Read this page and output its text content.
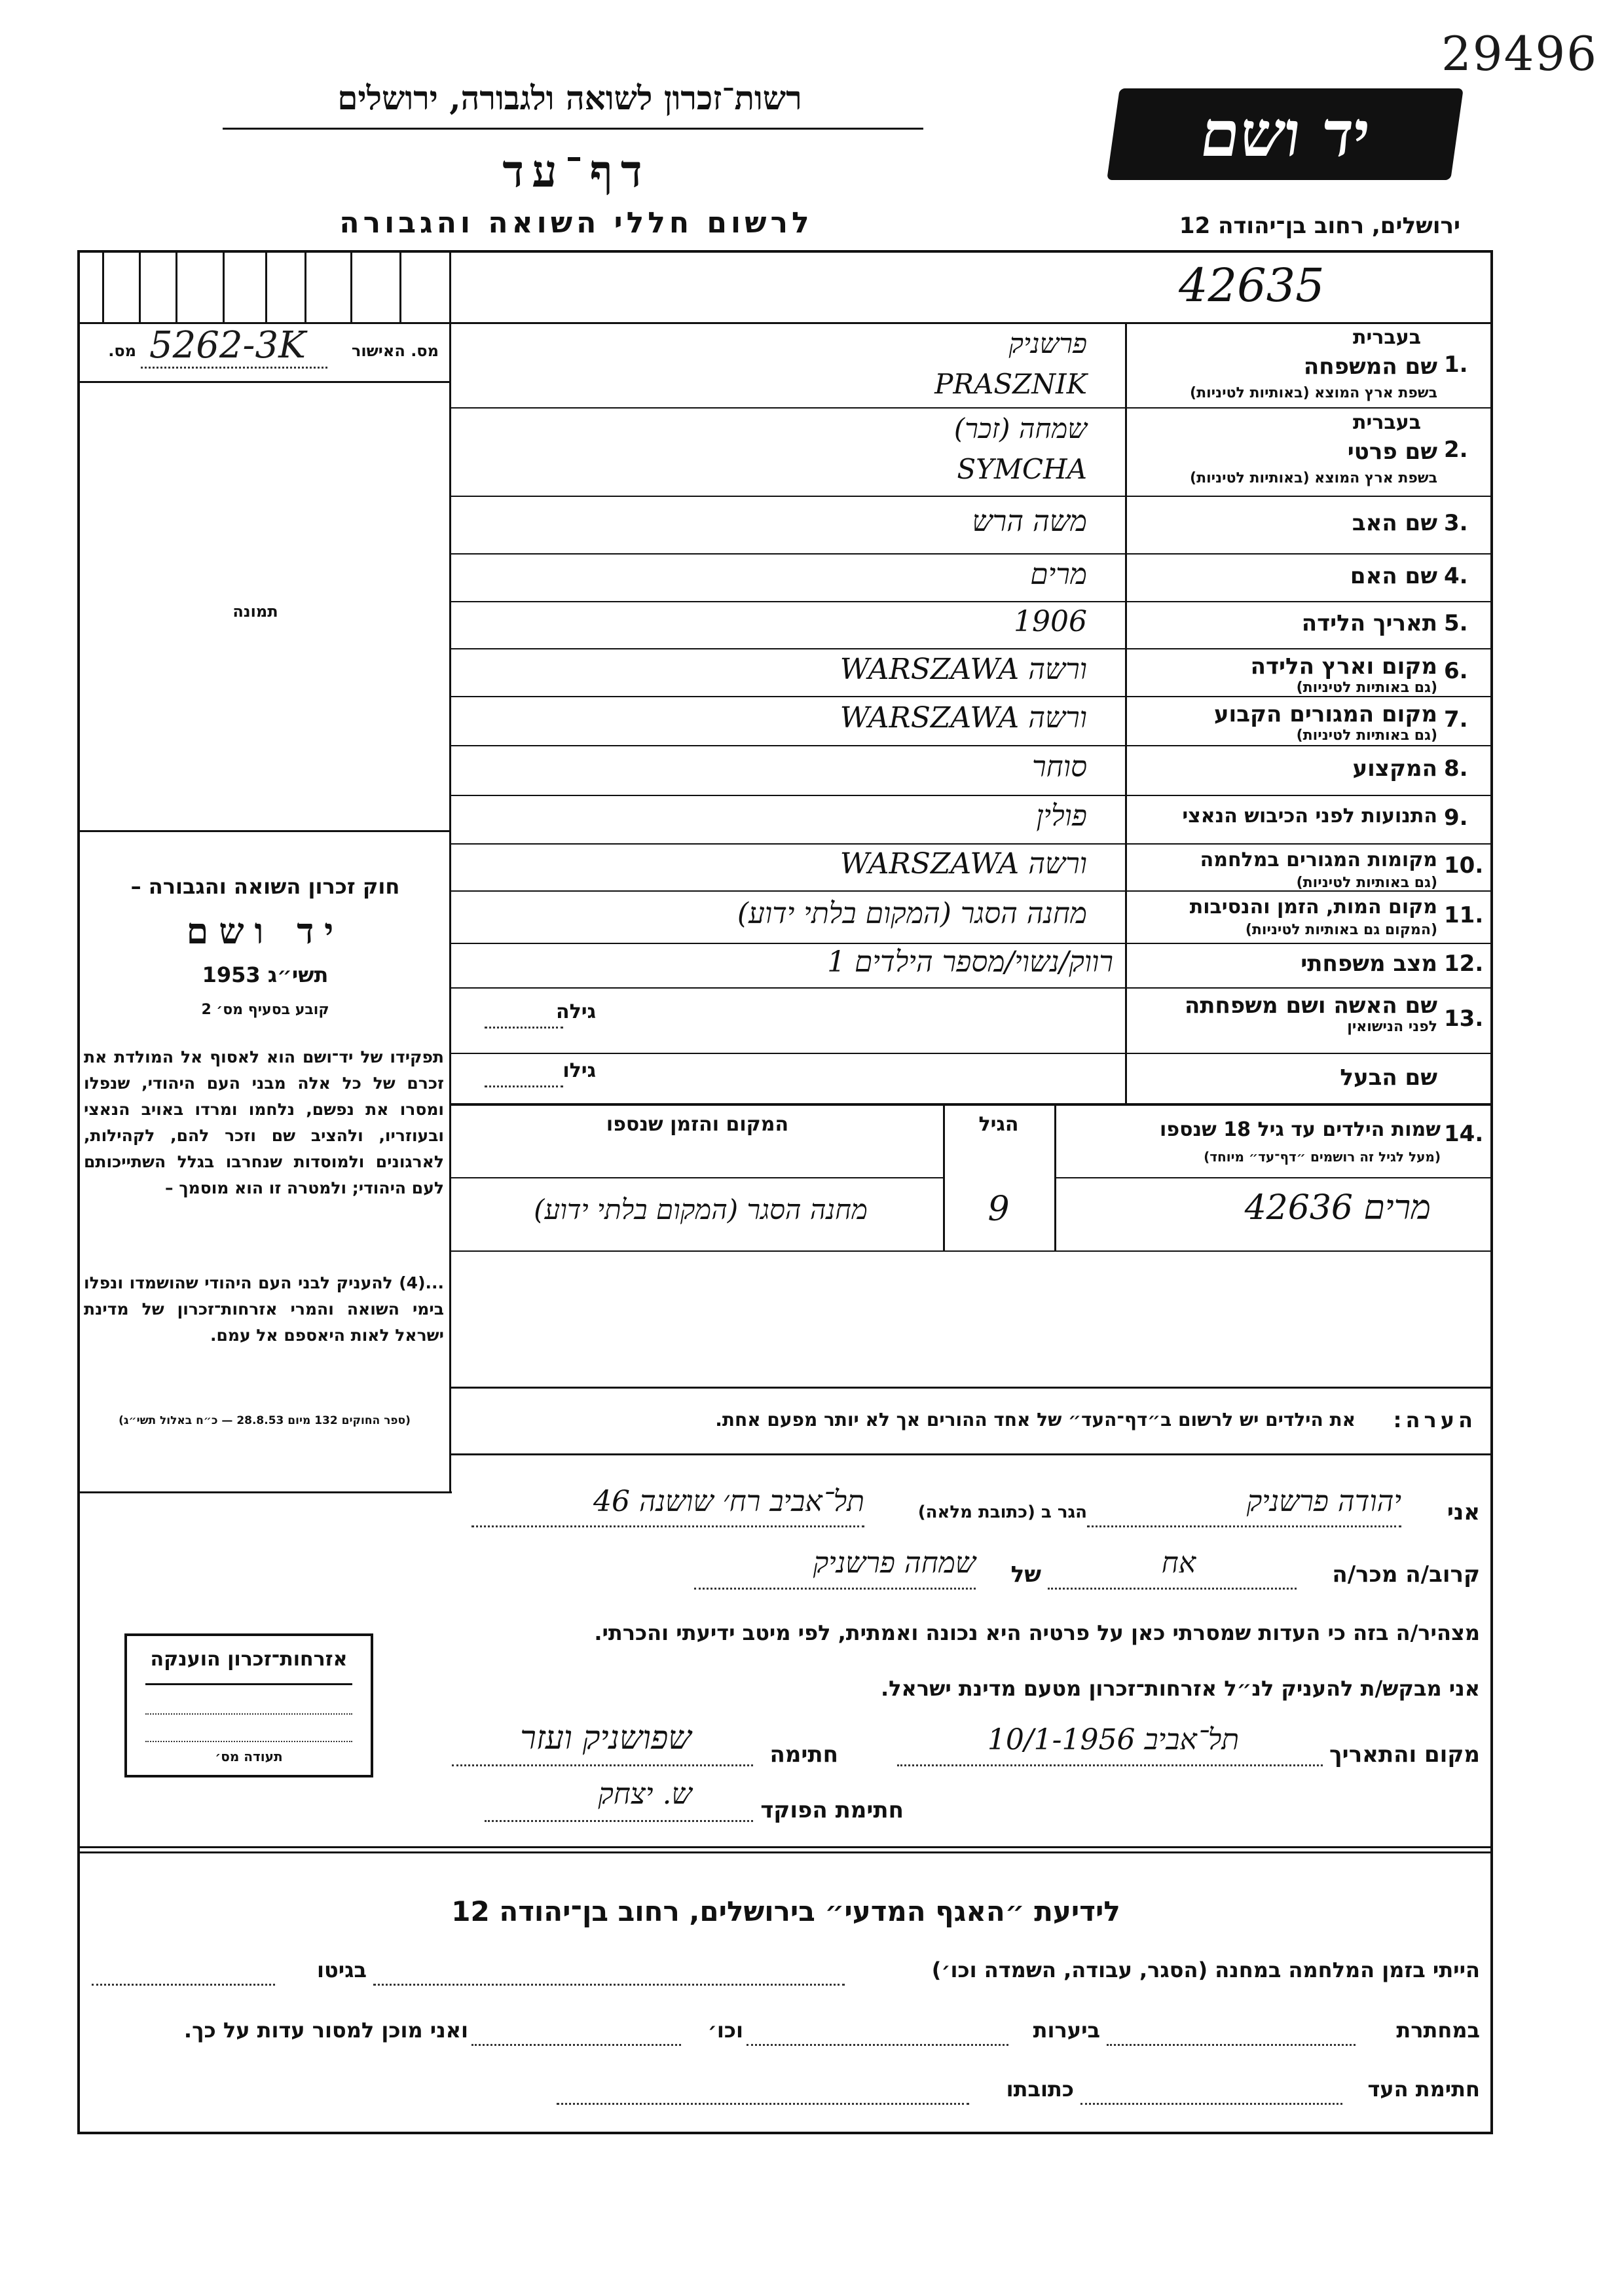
29496
רשות־זכרון לשואה ולגבורה, ירושלים
דף־עד
לרשום חללי השואה והגבורה
יד ושם
ירושלים, רחוב בן־יהודה 12
42635
מס. האישור
מס. 5262-3K
תמונה
חוק זכרון השואה והגבורה –
יד ושם
תשי״ג 1953
קובע בסעיף מס׳ 2
תפקידו של יד־ושם הוא לאסוף אל המולדת את זכרם של כל אלה מבני העם היהודי, שנפלו ומסרו את נפשם, נלחמו ומרדו באויב הנאצי ובעוזריו, ולהציב שם וזכר להם, לקהילות, לארגונים ולמוסדות שנחרבו בגלל השתייכותם לעם היהודי; ולמטרה זו הוא מוסמך –
...(4) להעניק לבני העם היהודי שהושמדו ונפלו בימי השואה והמרי אזרחות־זכרון של מדינת ישראל לאות היאספם אל עמם.
(ספר החוקים 132 מיום 28.8.53 — כ״ח באלול תשי״ג)
1.
בעברית
שם המשפחה
בשפת ארץ המוצא (באותיות לטיניות)
פרשניק
PRASZNIK
2.
בעברית
שם פרטי
בשפת ארץ המוצא (באותיות לטיניות)
שמחה (זכר)
SYMCHA
3.
שם האב
משה הרש
4.
שם האם
מרים
5.
תאריך הלידה
1906
6.
מקום וארץ הלידה
(גם באותיות לטיניות)
ורשה WARSZAWA
7.
מקום המגורים הקבוע
(גם באותיות לטיניות)
ורשה WARSZAWA
8.
המקצוע
סוחר
9.
התנועות לפני הכיבוש הנאצי
פולין
10.
מקומות המגורים במלחמה
(גם באותיות לטיניות)
ורשה WARSZAWA
11.
מקום המות, הזמן והנסיבות
(המקום גם באותיות לטיניות)
מחנה הסגר (המקום בלתי ידוע)
12.
מצב משפחתי
רווק/נשוי/מספר הילדים 1
13.
שם האשה ושם משפחתה
לפני הנישואין
גילה
שם הבעל
גילו
14.
שמות הילדים עד גיל 18 שנספו
(מעל לגיל זה רושמים ״דף־עד״ מיוחד)
הגיל
המקום והזמן שנספו
מרים 42636
9
מחנה הסגר (המקום בלתי ידוע)
הערה:
את הילדים יש לרשום ב״דף־העד״ של אחד ההורים אך לא יותר מפעם אחת.
אני
יהודה פרשניק
הגר ב (כתובת מלאה)
תל־אביב רח׳ שושנה 46
קרוב/ה מכר/ה
אח
של
שמחה פרשניק
מצהיר/ה בזה כי העדות שמסרתי כאן על פרטיה היא נכונה ואמתית, לפי מיטב ידיעתי והכרתי.
אני מבקש/ת להעניק לנ״ל אזרחות־זכרון מטעם מדינת ישראל.
מקום והתאריך
תל־אביב 10/1-1956
חתימה
שפושניק ועזר
חתימת הפוקד
ש. יצחק
אזרחות־זכרון הוענקה
תעודה מס׳
לידיעת ״האגף המדעי״ בירושלים, רחוב בן־יהודה 12
הייתי בזמן המלחמה במחנה (הסגר, עבודה, השמדה וכו׳)
בגיטו
במחתרת
ביערות
וכו׳
ואני מוכן למסור עדות על כך.
חתימת העד
כתובתו
